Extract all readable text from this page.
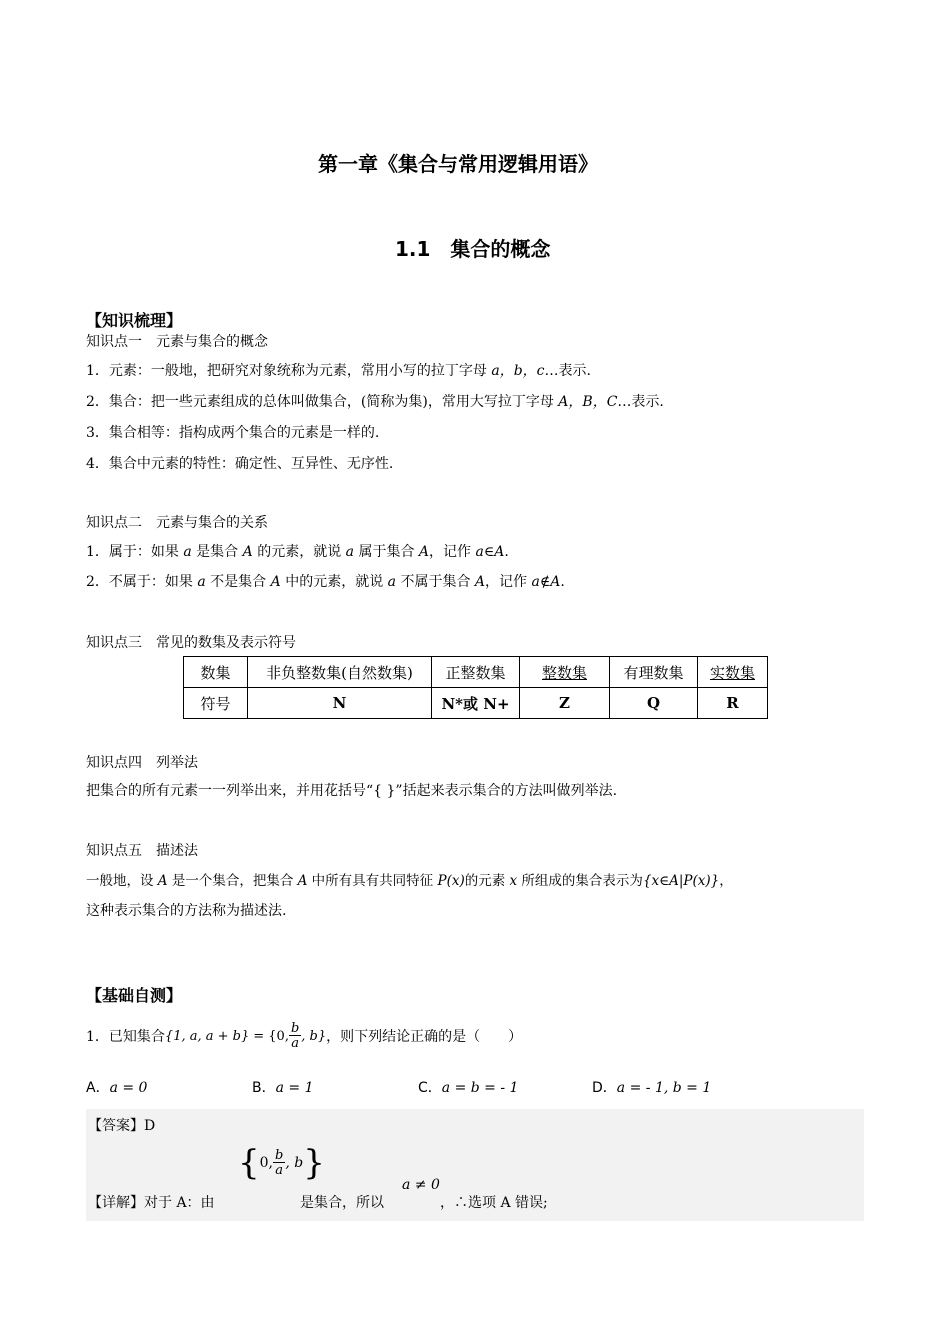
第一章《集合与常用逻辑用语》
1.1　集合的概念
【知识梳理】
知识点一　元素与集合的概念
1．元素：一般地，把研究对象统称为元素，常用小写的拉丁字母 a，b，c…表示.
2．集合：把一些元素组成的总体叫做集合，(简称为集)，常用大写拉丁字母 A，B，C…表示.
3．集合相等：指构成两个集合的元素是一样的.
4．集合中元素的特性：确定性、互异性、无序性.
知识点二　元素与集合的关系
1．属于：如果 a 是集合 A 的元素，就说 a 属于集合 A，记作 a∈A.
2．不属于：如果 a 不是集合 A 中的元素，就说 a 不属于集合 A，记作 a∉A.
知识点三　常见的数集及表示符号
数集	非负整数集(自然数集)	正整数集	整数集	有理数集	实数集
符号	N	N*或 N+	Z	Q	R
知识点四　列举法
把集合的所有元素一一列举出来，并用花括号“{ }”括起来表示集合的方法叫做列举法.
知识点五　描述法
一般地，设 A 是一个集合，把集合 A 中所有具有共同特征 P(x)的元素 x 所组成的集合表示为{x∈A|P(x)}，
这种表示集合的方法称为描述法.
【基础自测】
1．已知集合 {1, a, a + b} = {0, $\frac{b}{a}$ , b} ，则下列结论正确的是（　　）
A．a = 0	B．a = 1	C．a = b = - 1	D．a = - 1, b = 1
【答案】D
{ 0, $\frac{b}{a}$ , b }
【详解】对于 A：由	是集合，所以
a ≠ 0
，∴选项 A 错误;
